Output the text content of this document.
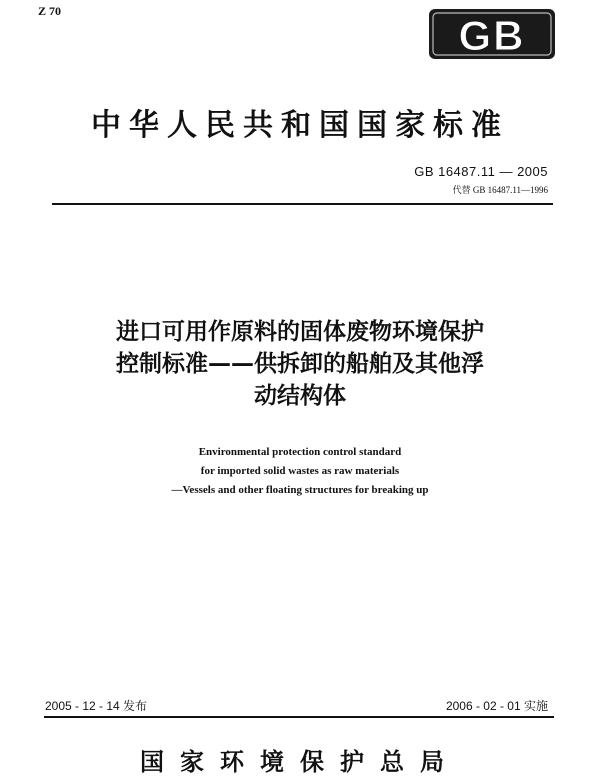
Z 70
GB
中华人民共和国国家标准
GB 16487.11 — 2005
代替 GB 16487.11—1996
进口可用作原料的固体废物环境保护
控制标准——供拆卸的船舶及其他浮
动结构体
Environmental protection control standard
for imported solid wastes as raw materials
—Vessels and other floating structures for breaking up
2005 - 12 - 14 发布	2006 - 02 - 01 实施
国家环境保护总局
